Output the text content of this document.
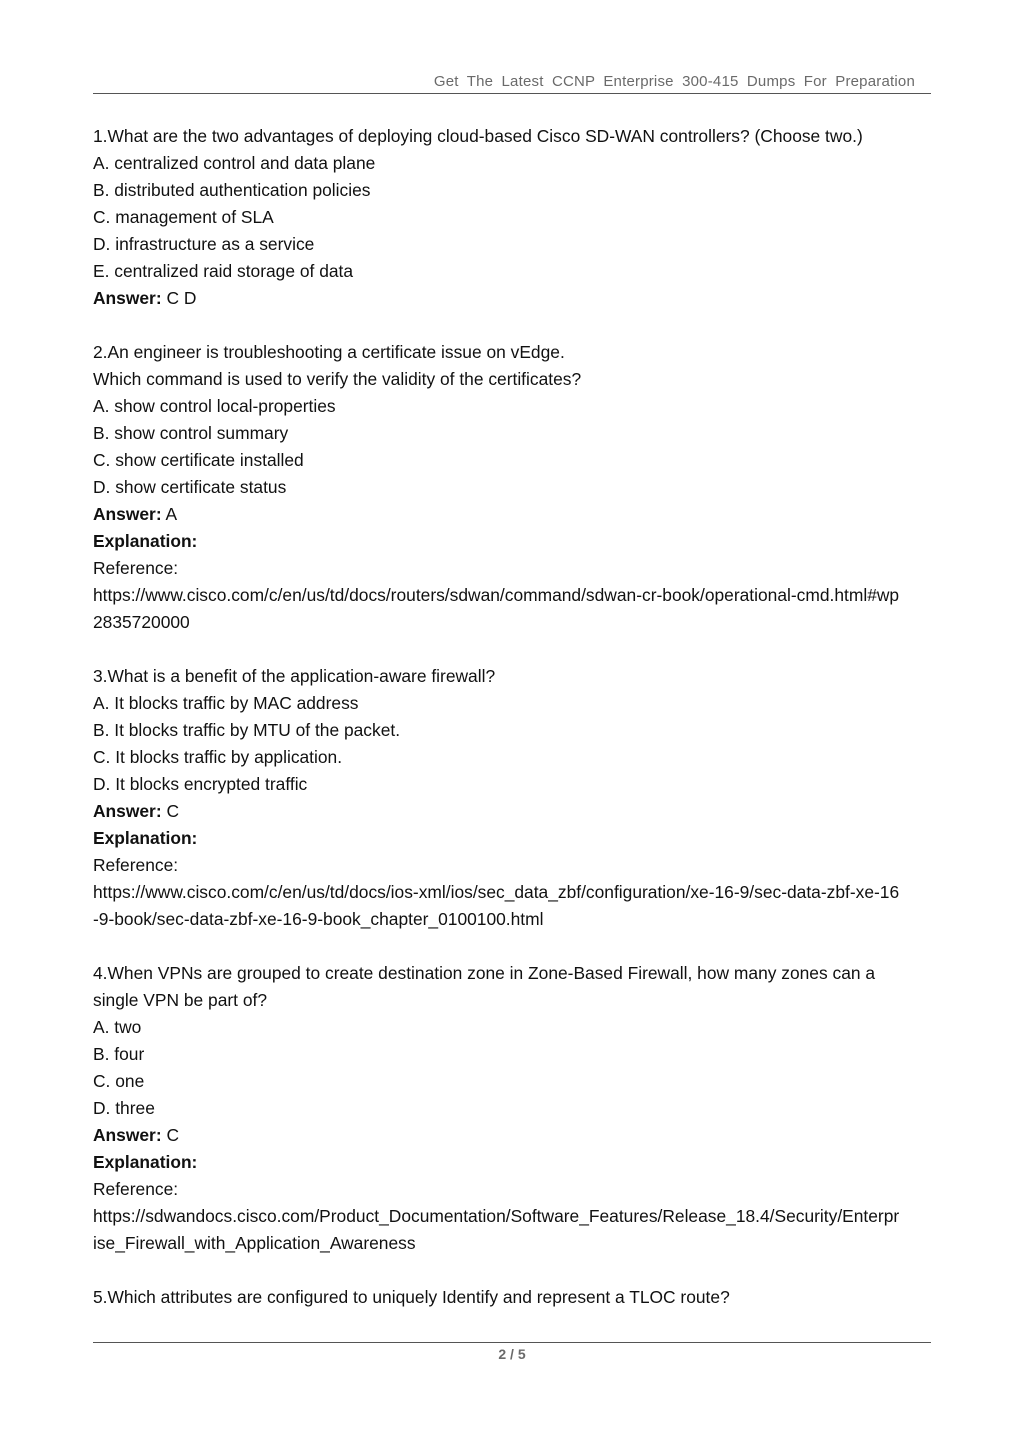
Get The Latest CCNP Enterprise 300-415 Dumps For Preparation
1.What are the two advantages of deploying cloud-based Cisco SD-WAN controllers? (Choose two.)
A. centralized control and data plane
B. distributed authentication policies
C. management of SLA
D. infrastructure as a service
E. centralized raid storage of data
Answer: C D
2.An engineer is troubleshooting a certificate issue on vEdge.
Which command is used to verify the validity of the certificates?
A. show control local-properties
B. show control summary
C. show certificate installed
D. show certificate status
Answer: A
Explanation:
Reference:
https://www.cisco.com/c/en/us/td/docs/routers/sdwan/command/sdwan-cr-book/operational-cmd.html#wp
2835720000
3.What is a benefit of the application-aware firewall?
A. It blocks traffic by MAC address
B. It blocks traffic by MTU of the packet.
C. It blocks traffic by application.
D. It blocks encrypted traffic
Answer: C
Explanation:
Reference:
https://www.cisco.com/c/en/us/td/docs/ios-xml/ios/sec_data_zbf/configuration/xe-16-9/sec-data-zbf-xe-16
-9-book/sec-data-zbf-xe-16-9-book_chapter_0100100.html
4.When VPNs are grouped to create destination zone in Zone-Based Firewall, how many zones can a
single VPN be part of?
A. two
B. four
C. one
D. three
Answer: C
Explanation:
Reference:
https://sdwandocs.cisco.com/Product_Documentation/Software_Features/Release_18.4/Security/Enterpr
ise_Firewall_with_Application_Awareness
5.Which attributes are configured to uniquely Identify and represent a TLOC route?
2 / 5
